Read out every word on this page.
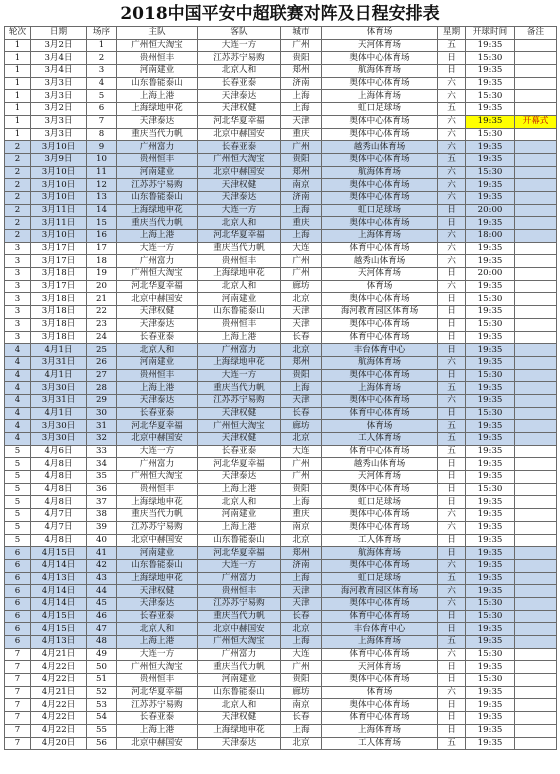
2018中国平安中超联赛对阵及日程安排表
轮次	日期	场序	主队	客队	城市	体育场	星期	开球时间	备注
1	3月2日	1	广州恒大淘宝	大连一方	广州	天河体育场	五	19:35	
1	3月4日	2	贵州恒丰	江苏苏宁易购	贵阳	奥体中心体育场	日	15:30	
1	3月4日	3	河南建业	北京人和	郑州	航海体育场	日	19:35	
1	3月3日	4	山东鲁能泰山	长春亚泰	济南	奥体中心体育场	六	19:35	
1	3月3日	5	上海上港	天津泰达	上海	上海体育场	六	15:30	
1	3月2日	6	上海绿地申花	天津权健	上海	虹口足球场	五	19:35	
1	3月3日	7	天津泰达	河北华夏幸福	天津	奥体中心体育场	六	19:35	开幕式
1	3月3日	8	重庆当代力帆	北京中赫国安	重庆	奥体中心体育场	六	15:30	
2	3月10日	9	广州富力	长春亚泰	广州	越秀山体育场	六	19:35	
2	3月9日	10	贵州恒丰	广州恒大淘宝	贵阳	奥体中心体育场	五	19:35	
2	3月10日	11	河南建业	北京中赫国安	郑州	航海体育场	六	15:30	
2	3月10日	12	江苏苏宁易购	天津权健	南京	奥体中心体育场	六	19:35	
2	3月10日	13	山东鲁能泰山	天津泰达	济南	奥体中心体育场	六	19:35	
2	3月11日	14	上海绿地申花	大连一方	上海	虹口足球场	日	20:00	
2	3月11日	15	重庆当代力帆	北京人和	重庆	奥体中心体育场	日	19:35	
2	3月10日	16	上海上港	河北华夏幸福	上海	上海体育场	六	18:00	
3	3月17日	17	大连一方	重庆当代力帆	大连	体育中心体育场	六	19:35	
3	3月17日	18	广州富力	贵州恒丰	广州	越秀山体育场	六	19:35	
3	3月18日	19	广州恒大淘宝	上海绿地申花	广州	天河体育场	日	20:00	
3	3月17日	20	河北华夏幸福	北京人和	廊坊	体育场	六	19:35	
3	3月18日	21	北京中赫国安	河南建业	北京	奥体中心体育场	日	15:30	
3	3月18日	22	天津权健	山东鲁能泰山	天津	海河教育园区体育场	日	19:35	
3	3月18日	23	天津泰达	贵州恒丰	天津	奥体中心体育场	日	15:30	
3	3月18日	24	长春亚泰	上海上港	长春	体育中心体育场	日	19:35	
4	4月1日	25	北京人和	广州富力	北京	丰台体育中心	日	19:35	
4	3月31日	26	河南建业	上海绿地申花	郑州	航海体育场	六	19:35	
4	4月1日	27	贵州恒丰	大连一方	贵阳	奥体中心体育场	日	15:30	
4	3月30日	28	上海上港	重庆当代力帆	上海	上海体育场	五	19:35	
4	3月31日	29	天津泰达	江苏苏宁易购	天津	奥体中心体育场	六	19:35	
4	4月1日	30	长春亚泰	天津权健	长春	体育中心体育场	日	15:30	
4	3月30日	31	河北华夏幸福	广州恒大淘宝	廊坊	体育场	五	19:35	
4	3月30日	32	北京中赫国安	天津权健	北京	工人体育场	五	19:35	
5	4月6日	33	大连一方	长春亚泰	大连	体育中心体育场	五	19:35	
5	4月8日	34	广州富力	河北华夏幸福	广州	越秀山体育场	日	19:35	
5	4月8日	35	广州恒大淘宝	天津泰达	广州	天河体育场	日	19:35	
5	4月8日	36	贵州恒丰	上海上港	贵阳	奥体中心体育场	日	15:30	
5	4月8日	37	上海绿地申花	北京人和	上海	虹口足球场	日	19:35	
5	4月7日	38	重庆当代力帆	河南建业	重庆	奥体中心体育场	六	19:35	
5	4月7日	39	江苏苏宁易购	上海上港	南京	奥体中心体育场	六	19:35	
5	4月8日	40	北京中赫国安	山东鲁能泰山	北京	工人体育场	日	19:35	
6	4月15日	41	河南建业	河北华夏幸福	郑州	航海体育场	日	19:35	
6	4月14日	42	山东鲁能泰山	大连一方	济南	奥体中心体育场	六	19:35	
6	4月13日	43	上海绿地申花	广州富力	上海	虹口足球场	五	19:35	
6	4月14日	44	天津权健	贵州恒丰	天津	海河教育园区体育场	六	19:35	
6	4月14日	45	天津泰达	江苏苏宁易购	天津	奥体中心体育场	六	15:30	
6	4月15日	46	长春亚泰	重庆当代力帆	长春	体育中心体育场	日	15:30	
6	4月15日	47	北京人和	北京中赫国安	北京	丰台体育中心	日	19:35	
6	4月13日	48	上海上港	广州恒大淘宝	上海	上海体育场	五	19:35	
7	4月21日	49	大连一方	广州富力	大连	体育中心体育场	六	15:30	
7	4月22日	50	广州恒大淘宝	重庆当代力帆	广州	天河体育场	日	19:35	
7	4月22日	51	贵州恒丰	河南建业	贵阳	奥体中心体育场	日	15:30	
7	4月21日	52	河北华夏幸福	山东鲁能泰山	廊坊	体育场	六	19:35	
7	4月22日	53	江苏苏宁易购	北京人和	南京	奥体中心体育场	日	19:35	
7	4月22日	54	长春亚泰	天津权健	长春	体育中心体育场	日	19:35	
7	4月22日	55	上海上港	上海绿地申花	上海	上海体育场	日	19:35	
7	4月20日	56	北京中赫国安	天津泰达	北京	工人体育场	五	19:35	
